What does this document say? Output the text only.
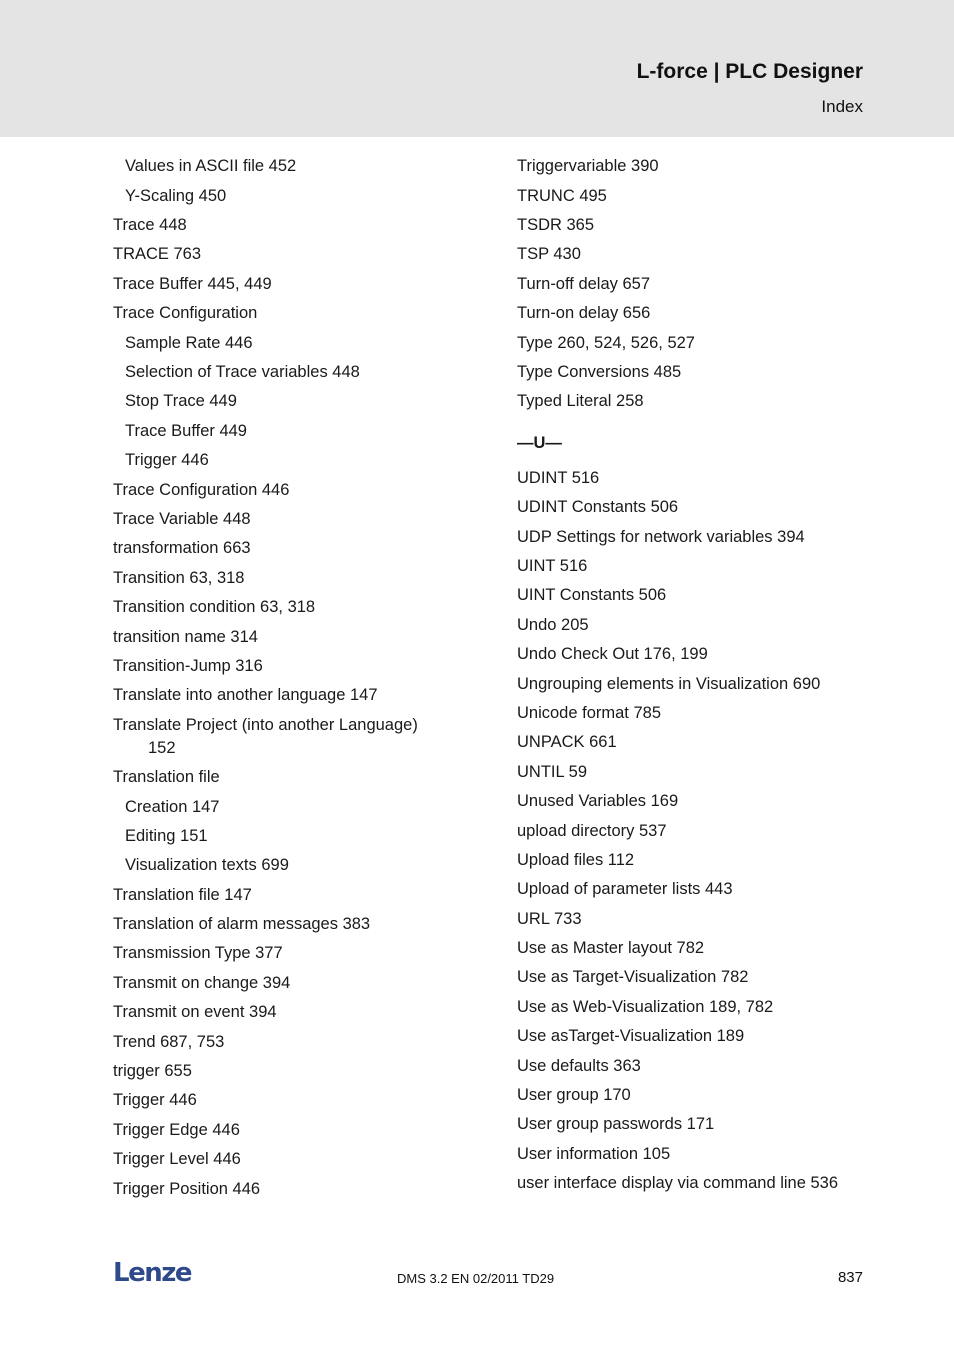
L-force | PLC Designer
Index
Values in ASCII file 452
Y-Scaling 450
Trace 448
TRACE 763
Trace Buffer 445, 449
Trace Configuration
Sample Rate 446
Selection of Trace variables 448
Stop Trace 449
Trace Buffer 449
Trigger 446
Trace Configuration 446
Trace Variable 448
transformation 663
Transition 63, 318
Transition condition 63, 318
transition name 314
Transition-Jump 316
Translate into another language 147
Translate Project (into another Language)
152
Translation file
Creation 147
Editing 151
Visualization texts 699
Translation file 147
Translation of alarm messages 383
Transmission Type 377
Transmit on change 394
Transmit on event 394
Trend 687, 753
trigger 655
Trigger 446
Trigger Edge 446
Trigger Level 446
Trigger Position 446
Triggervariable 390
TRUNC 495
TSDR 365
TSP 430
Turn-off delay 657
Turn-on delay 656
Type 260, 524, 526, 527
Type Conversions 485
Typed Literal 258
—U—
UDINT 516
UDINT Constants 506
UDP Settings for network variables 394
UINT 516
UINT Constants 506
Undo 205
Undo Check Out 176, 199
Ungrouping elements in Visualization 690
Unicode format 785
UNPACK 661
UNTIL 59
Unused Variables 169
upload directory 537
Upload files 112
Upload of parameter lists 443
URL 733
Use as Master layout 782
Use as Target-Visualization 782
Use as Web-Visualization 189, 782
Use asTarget-Visualization 189
Use defaults 363
User group 170
User group passwords 171
User information 105
user interface display via command line 536
Lenze	DMS 3.2 EN 02/2011 TD29	837
